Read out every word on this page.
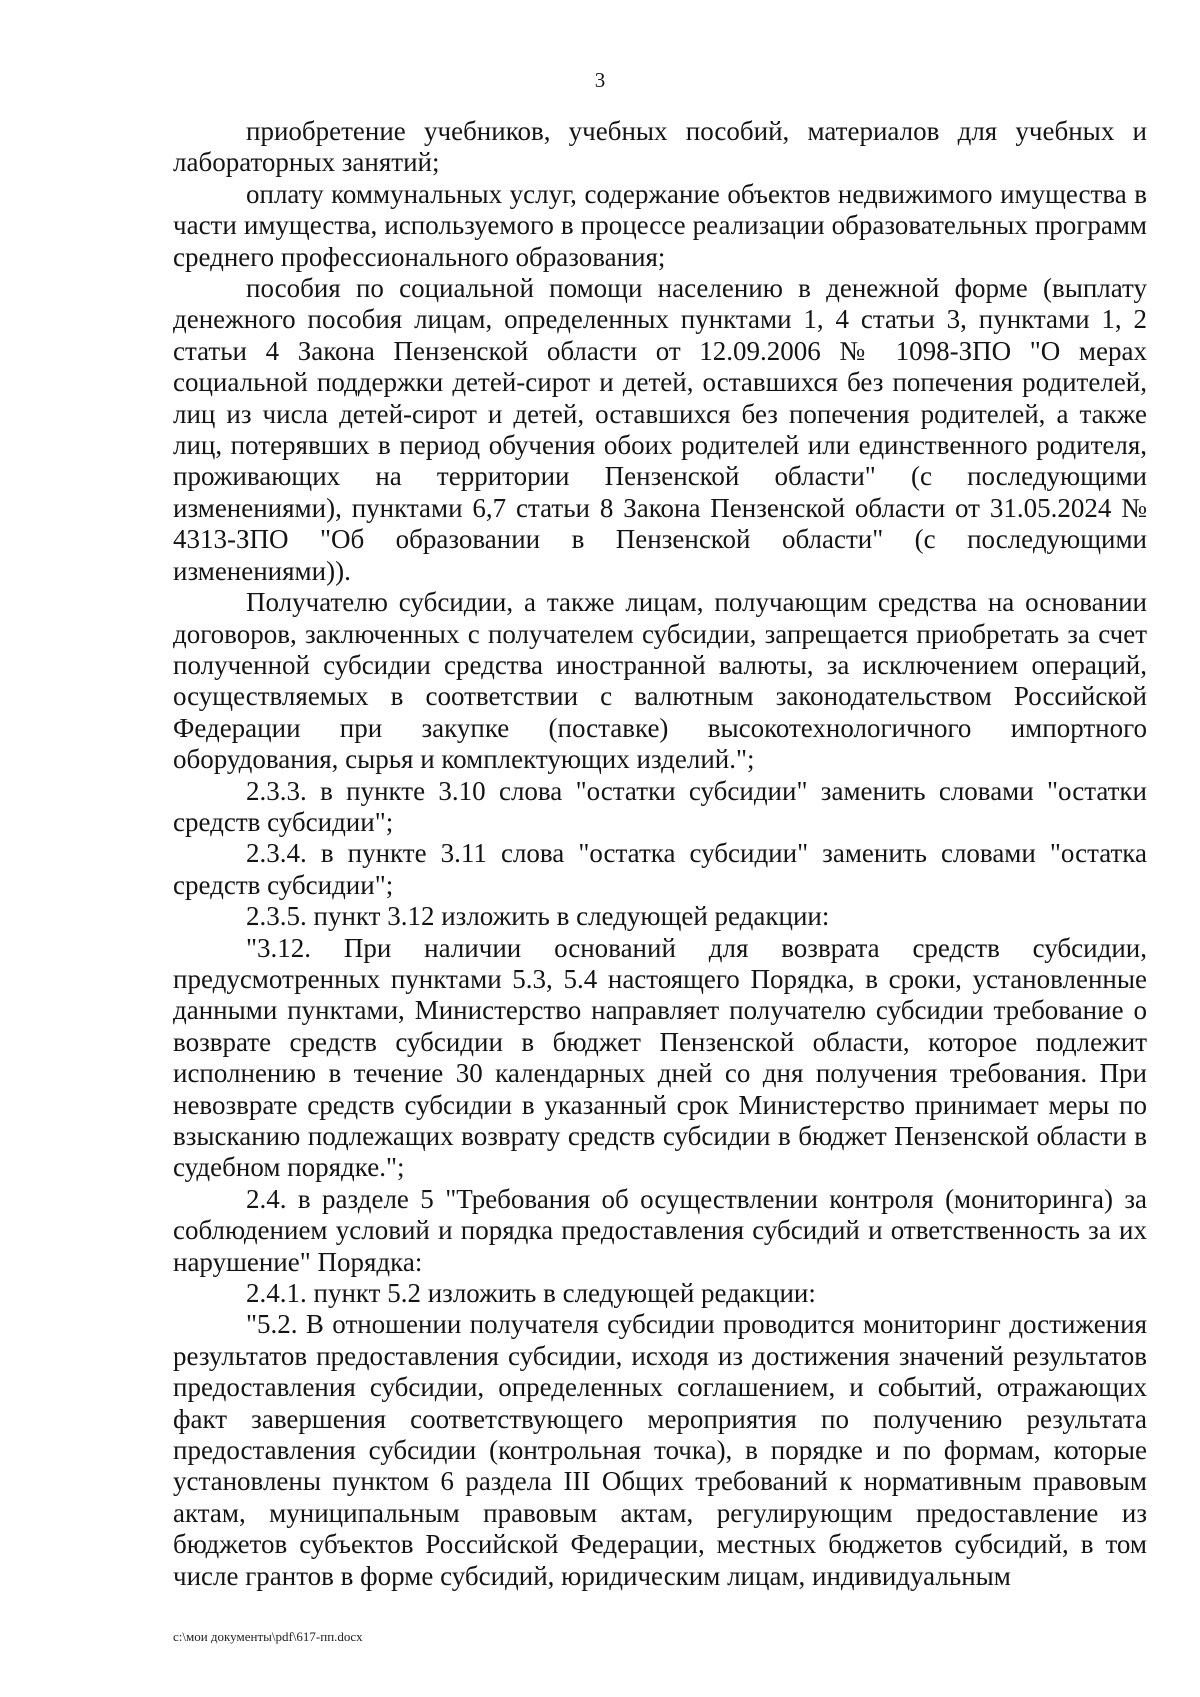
3

приобретение учебников, учебных пособий, материалов для учебных и лабораторных занятий;

оплату коммунальных услуг, содержание объектов недвижимого имущества в части имущества, используемого в процессе реализации образовательных программ среднего профессионального образования;

пособия по социальной помощи населению в денежной форме (выплату денежного пособия лицам, определенных пунктами 1, 4 статьи 3, пунктами 1, 2 статьи 4 Закона Пензенской области от 12.09.2006 № 1098-ЗПО "О мерах социальной поддержки детей-сирот и детей, оставшихся без попечения родителей, лиц из числа детей-сирот и детей, оставшихся без попечения родителей, а также лиц, потерявших в период обучения обоих родителей или единственного родителя, проживающих на территории Пензенской области" (с последующими изменениями), пунктами 6,7 статьи 8 Закона Пензенской области от 31.05.2024 № 4313-ЗПО "Об образовании в Пензенской области" (с последующими изменениями)).

Получателю субсидии, а также лицам, получающим средства на основании договоров, заключенных с получателем субсидии, запрещается приобретать за счет полученной субсидии средства иностранной валюты, за исключением операций, осуществляемых в соответствии с валютным законодательством Российской Федерации при закупке (поставке) высокотехнологичного импортного оборудования, сырья и комплектующих изделий.";

2.3.3. в пункте 3.10 слова "остатки субсидии" заменить словами "остатки средств субсидии";

2.3.4. в пункте 3.11 слова "остатка субсидии" заменить словами "остатка средств субсидии";

2.3.5. пункт 3.12 изложить в следующей редакции:

"3.12. При наличии оснований для возврата средств субсидии, предусмотренных пунктами 5.3, 5.4 настоящего Порядка, в сроки, установленные данными пунктами, Министерство направляет получателю субсидии требование о возврате средств субсидии в бюджет Пензенской области, которое подлежит исполнению в течение 30 календарных дней со дня получения требования. При невозврате средств субсидии в указанный срок Министерство принимает меры по взысканию подлежащих возврату средств субсидии в бюджет Пензенской области в судебном порядке.";

2.4. в разделе 5 "Требования об осуществлении контроля (мониторинга) за соблюдением условий и порядка предоставления субсидий и ответственность за их нарушение" Порядка:

2.4.1. пункт 5.2 изложить в следующей редакции:

"5.2. В отношении получателя субсидии проводится мониторинг достижения результатов предоставления субсидии, исходя из достижения значений результатов предоставления субсидии, определенных соглашением, и событий, отражающих факт завершения соответствующего мероприятия по получению результата предоставления субсидии (контрольная точка), в порядке и по формам, которые установлены пунктом 6 раздела III Общих требований к нормативным правовым актам, муниципальным правовым актам, регулирующим предоставление из бюджетов субъектов Российской Федерации, местных бюджетов субсидий, в том числе грантов в форме субсидий, юридическим лицам, индивидуальным

c:\мои документы\pdf\617-пп.docx
